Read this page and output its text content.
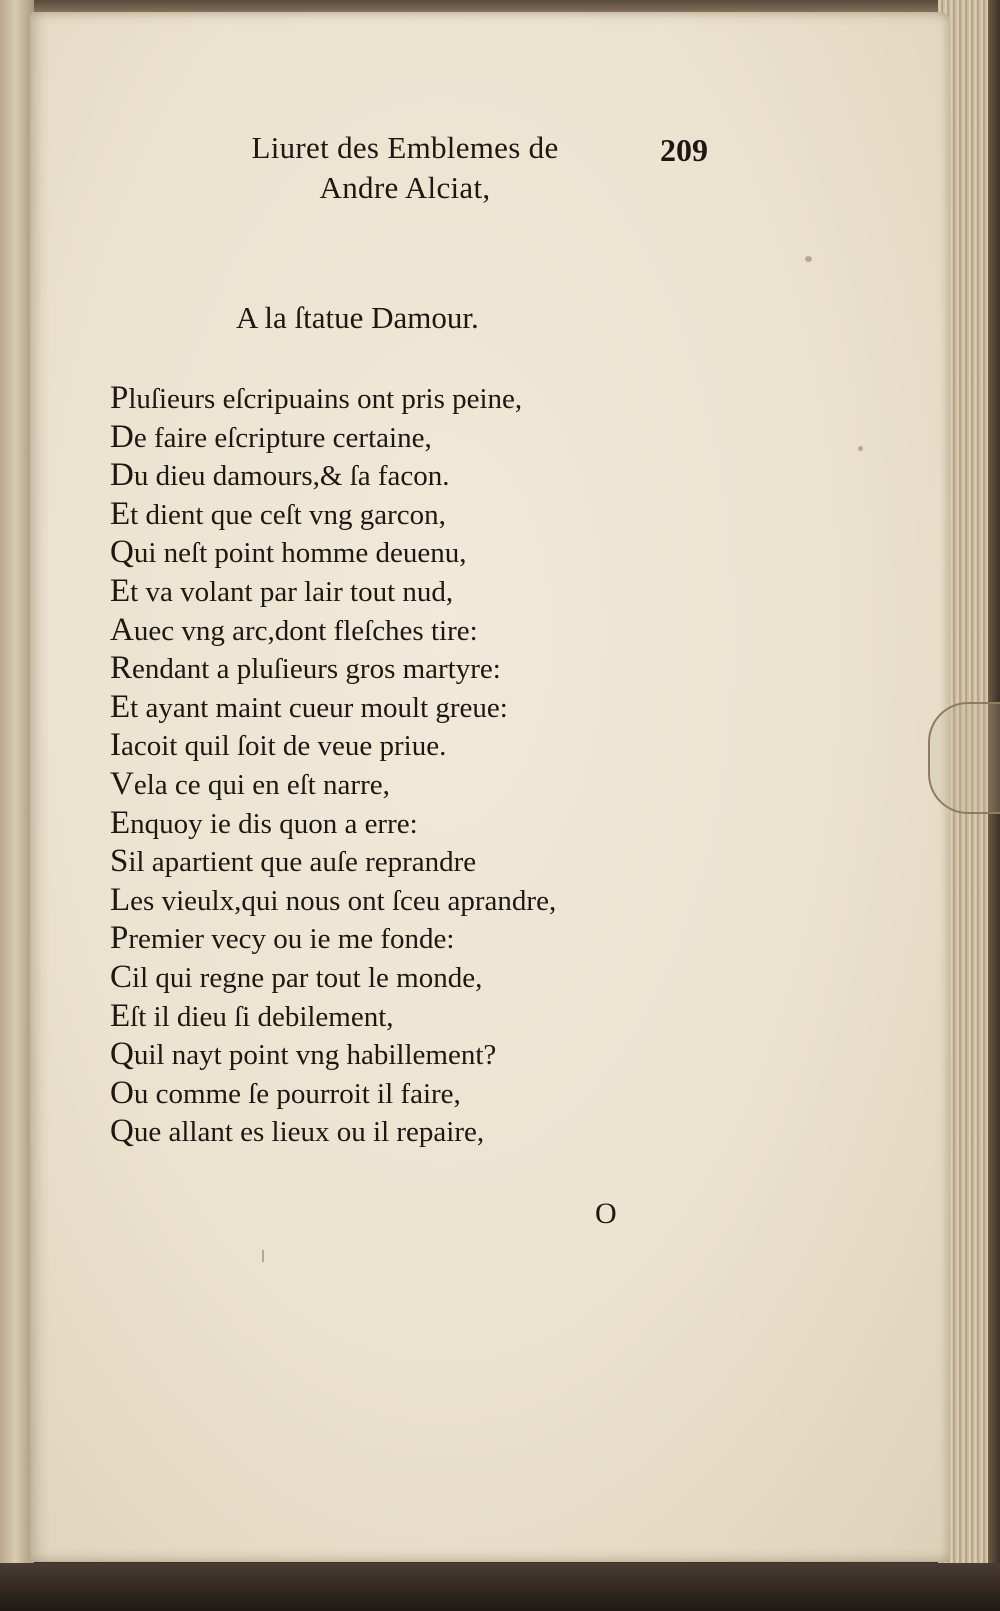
Liuret des Emblemes de
Andre Alciat,
209
A la ſtatue Damour.
Pluſieurs eſcripuains ont pris peine,
De faire eſcripture certaine,
Du dieu damours,& ſa facon.
Et dient que ceſt vng garcon,
Qui neſt point homme deuenu,
Et va volant par lair tout nud,
Auec vng arc,dont fleſches tire:
Rendant a pluſieurs gros martyre:
Et ayant maint cueur moult greue:
Iacoit quil ſoit de veue priue.
Vela ce qui en eſt narre,
Enquoy ie dis quon a erre:
Sil apartient que auſe reprandre
Les vieulx,qui nous ont ſceu aprandre,
Premier vecy ou ie me fonde:
Cil qui regne par tout le monde,
Eſt il dieu ſi debilement,
Quil nayt point vng habillement?
Ou comme ſe pourroit il faire,
Que allant es lieux ou il repaire,
O
